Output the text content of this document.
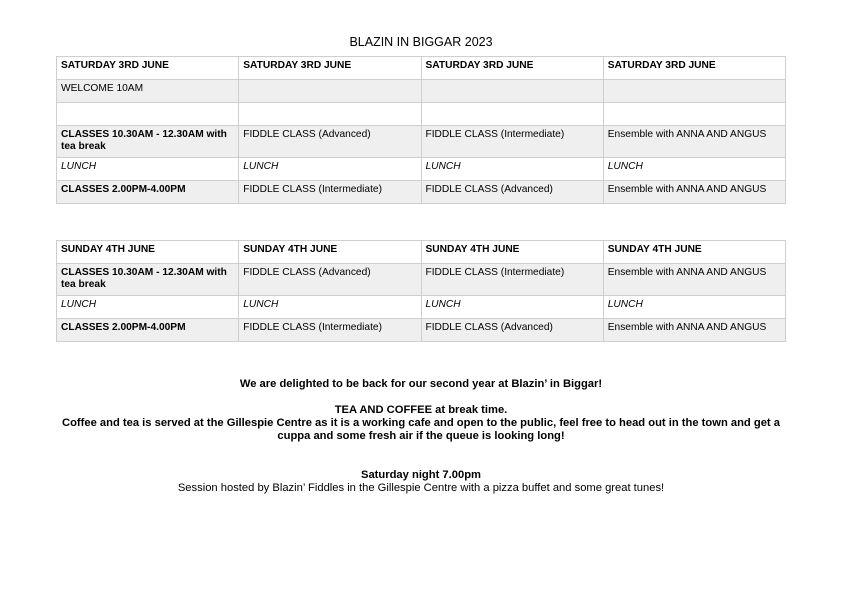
BLAZIN IN BIGGAR 2023
SATURDAY 3RD JUNE	SATURDAY 3RD JUNE	SATURDAY 3RD JUNE	SATURDAY 3RD JUNE
WELCOME 10AM			

CLASSES 10.30AM - 12.30AM with tea break	FIDDLE CLASS (Advanced)	FIDDLE CLASS (Intermediate)	Ensemble with ANNA AND ANGUS
LUNCH	LUNCH	LUNCH	LUNCH
CLASSES 2.00PM-4.00PM	FIDDLE CLASS (Intermediate)	FIDDLE CLASS (Advanced)	Ensemble with ANNA AND ANGUS
SUNDAY 4TH JUNE	SUNDAY 4TH JUNE	SUNDAY 4TH JUNE	SUNDAY 4TH JUNE
CLASSES 10.30AM - 12.30AM with tea break	FIDDLE CLASS (Advanced)	FIDDLE CLASS (Intermediate)	Ensemble with ANNA AND ANGUS
LUNCH	LUNCH	LUNCH	LUNCH
CLASSES 2.00PM-4.00PM	FIDDLE CLASS (Intermediate)	FIDDLE CLASS (Advanced)	Ensemble with ANNA AND ANGUS

We are delighted to be back for our second year at Blazin’ in Biggar!

TEA AND COFFEE at break time.

Coffee and tea is served at the Gillespie Centre as it is a working cafe and open to the public, feel free to head out in the town and get a cuppa and some fresh air if the queue is looking long!

Saturday night 7.00pm

Session hosted by Blazin’ Fiddles in the Gillespie Centre with a pizza buffet and some great tunes!
